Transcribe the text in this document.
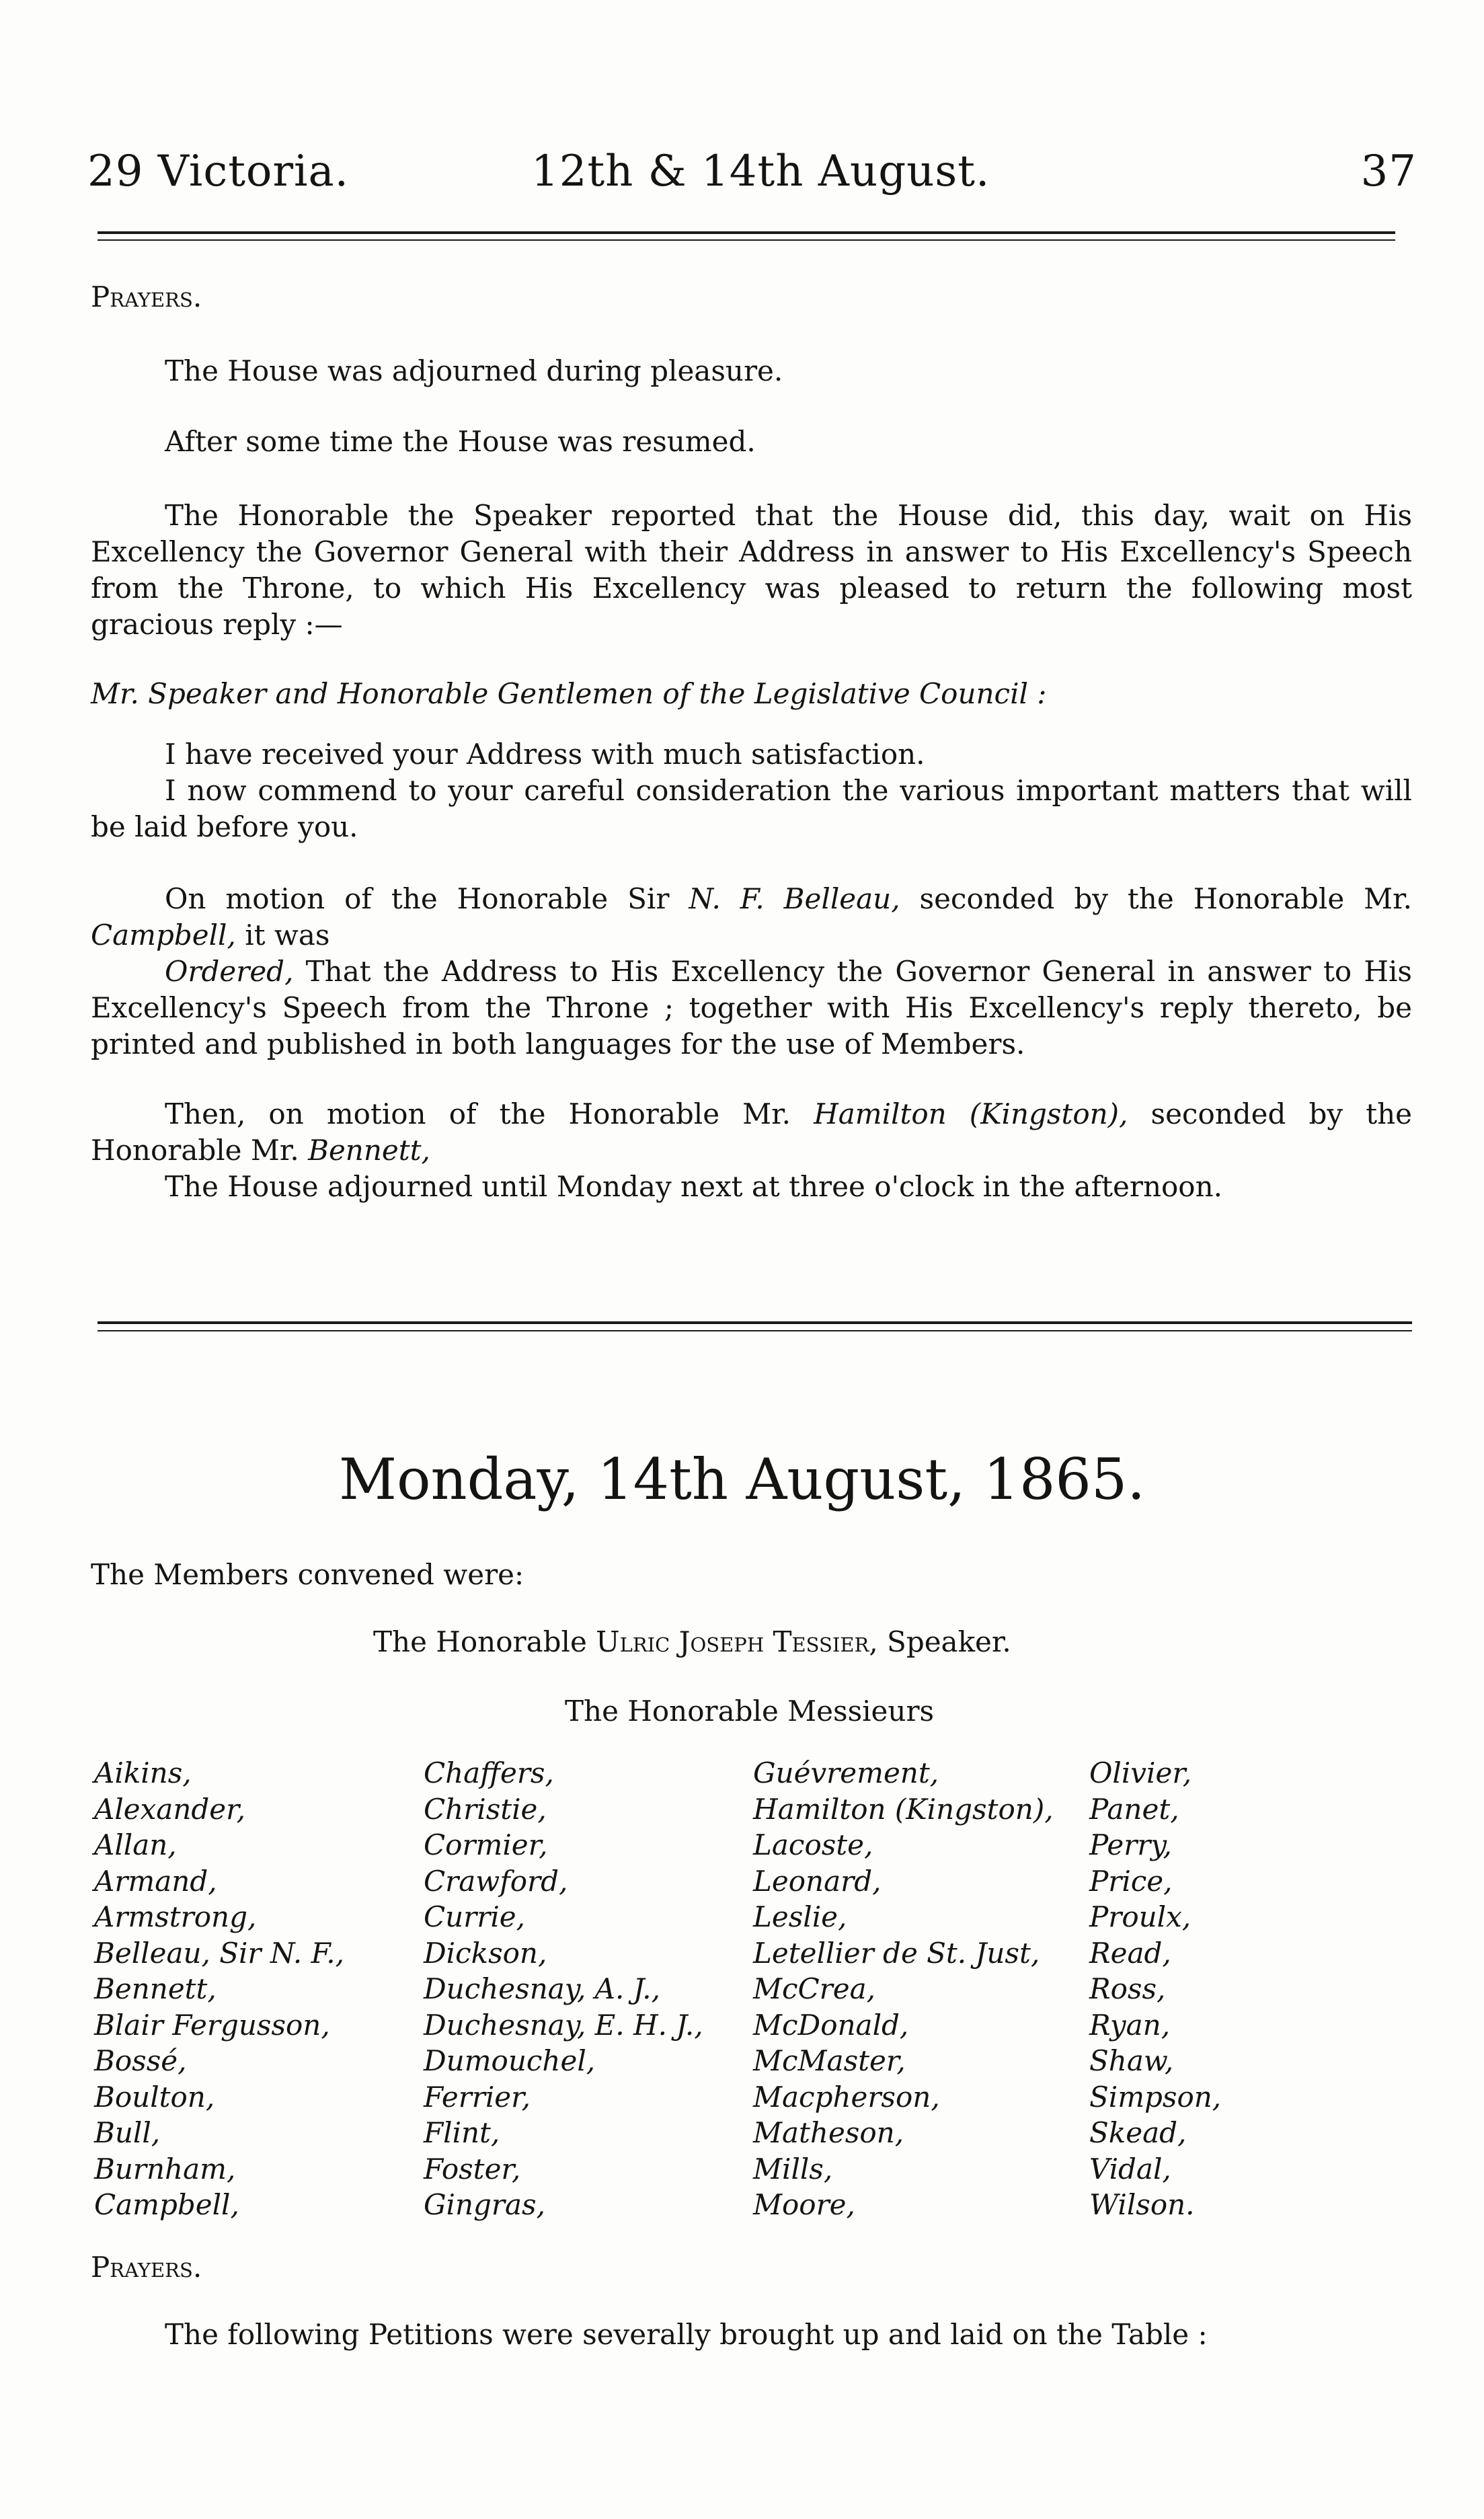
29 Victoria.	12th & 14th August.	37
Prayers.
The House was adjourned during pleasure.
After some time the House was resumed.
The Honorable the Speaker reported that the House did, this day, wait on His Excellency the Governor General with their Address in answer to His Excellency's Speech from the Throne, to which His Excellency was pleased to return the following most gracious reply :—
Mr. Speaker and Honorable Gentlemen of the Legislative Council :
I have received your Address with much satisfaction.
I now commend to your careful consideration the various important matters that will be laid before you.
On motion of the Honorable Sir N. F. Belleau, seconded by the Honorable Mr. Campbell, it was
Ordered, That the Address to His Excellency the Governor General in answer to His Excellency's Speech from the Throne ; together with His Excellency's reply thereto, be printed and published in both languages for the use of Members.
Then, on motion of the Honorable Mr. Hamilton (Kingston), seconded by the Honorable Mr. Bennett,
The House adjourned until Monday next at three o'clock in the afternoon.
Monday, 14th August, 1865.
The Members convened were:
The Honorable Ulric Joseph Tessier, Speaker.
The Honorable Messieurs
Aikins,
Alexander,
Allan,
Armand,
Armstrong,
Belleau, Sir N. F.,
Bennett,
Blair Fergusson,
Bossé,
Boulton,
Bull,
Burnham,
Campbell,
Chaffers,
Christie,
Cormier,
Crawford,
Currie,
Dickson,
Duchesnay, A. J.,
Duchesnay, E. H. J.,
Dumouchel,
Ferrier,
Flint,
Foster,
Gingras,
Guévrement,
Hamilton (Kingston),
Lacoste,
Leonard,
Leslie,
Letellier de St. Just,
McCrea,
McDonald,
McMaster,
Macpherson,
Matheson,
Mills,
Moore,
Olivier,
Panet,
Perry,
Price,
Proulx,
Read,
Ross,
Ryan,
Shaw,
Simpson,
Skead,
Vidal,
Wilson.
Prayers.
The following Petitions were severally brought up and laid on the Table :
